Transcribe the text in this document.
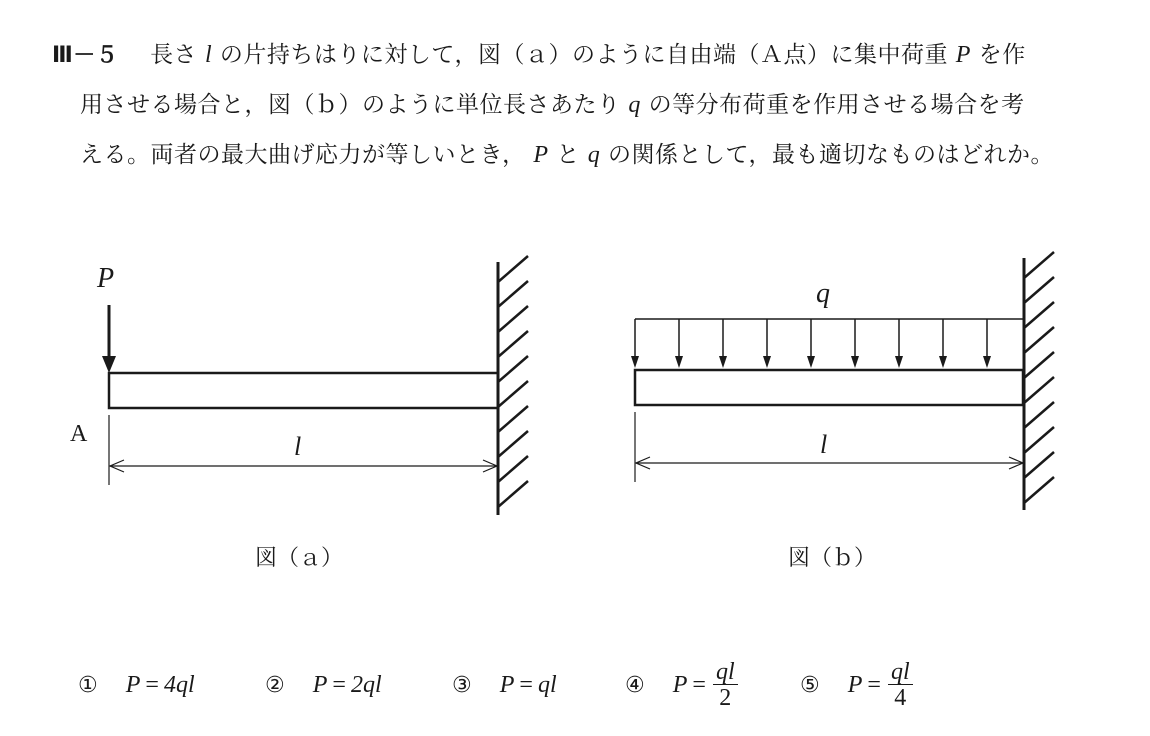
Ⅲ－５ 長さ l の片持ちはりに対して，図（ａ）のように自由端（Ａ点）に集中荷重 P を作
用させる場合と，図（ｂ）のように単位長さあたり q の等分布荷重を作用させる場合を考
える。両者の最大曲げ応力が等しいとき， P と q の関係として，最も適切なものはどれか。
P
l
A
q
l
図（ａ）	図（ｂ）
① P = 4ql	② P = 2ql	③ P = ql	④ $P = \frac{ql}{2}$	⑤ $P = \frac{ql}{4}$
